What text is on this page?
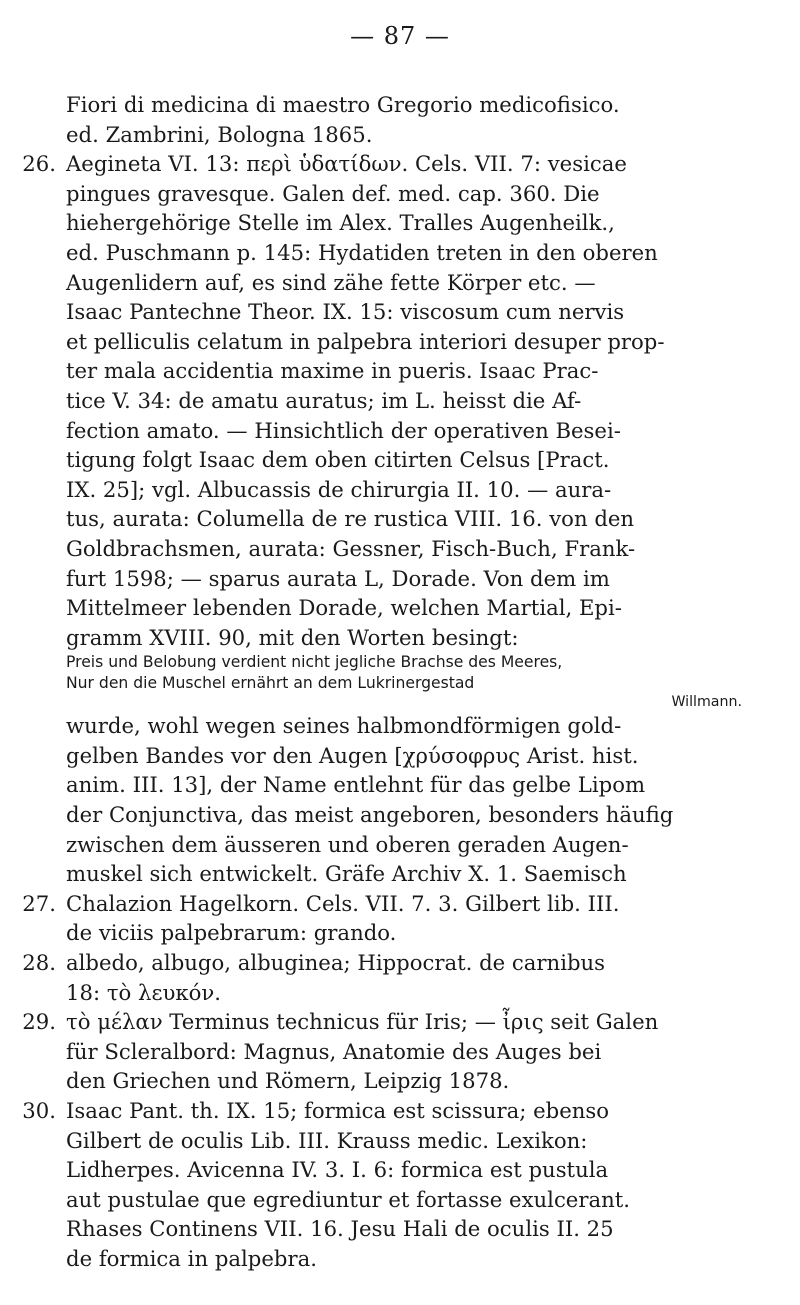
— 87 —
Fiori di medicina di maestro Gregorio medicofisico.
ed. Zambrini, Bologna 1865.
26. Aegineta VI. 13: περὶ ὑδατίδων. Cels. VII. 7: vesicae
pingues gravesque. Galen def. med. cap. 360. Die
hiehergehörige Stelle im Alex. Tralles Augenheilk.,
ed. Puschmann p. 145: Hydatiden treten in den oberen
Augenlidern auf, es sind zähe fette Körper etc. —
Isaac Pantechne Theor. IX. 15: viscosum cum nervis
et pelliculis celatum in palpebra interiori desuper prop-
ter mala accidentia maxime in pueris. Isaac Prac-
tice V. 34: de amatu auratus; im L. heisst die Af-
fection amato. — Hinsichtlich der operativen Besei-
tigung folgt Isaac dem oben citirten Celsus [Pract.
IX. 25]; vgl. Albucassis de chirurgia II. 10. — aura-
tus, aurata: Columella de re rustica VIII. 16. von den
Goldbrachsmen, aurata: Gessner, Fisch-Buch, Frank-
furt 1598; — sparus aurata L, Dorade. Von dem im
Mittelmeer lebenden Dorade, welchen Martial, Epi-
gramm XVIII. 90, mit den Worten besingt:
Preis und Belobung verdient nicht jegliche Brachse des Meeres,
Nur den die Muschel ernährt an dem Lukrinergestad
Willmann.
wurde, wohl wegen seines halbmondförmigen gold-
gelben Bandes vor den Augen [χρύσοφρυς Arist. hist.
anim. III. 13], der Name entlehnt für das gelbe Lipom
der Conjunctiva, das meist angeboren, besonders häufig
zwischen dem äusseren und oberen geraden Augen-
muskel sich entwickelt. Gräfe Archiv X. 1. Saemisch
27. Chalazion Hagelkorn. Cels. VII. 7. 3. Gilbert lib. III.
de viciis palpebrarum: grando.
28. albedo, albugo, albuginea; Hippocrat. de carnibus
18: τὸ λευκόν.
29. τὸ μέλαν Terminus technicus für Iris; — ἶρις seit Galen
für Scleralbord: Magnus, Anatomie des Auges bei
den Griechen und Römern, Leipzig 1878.
30. Isaac Pant. th. IX. 15; formica est scissura; ebenso
Gilbert de oculis Lib. III. Krauss medic. Lexikon:
Lidherpes. Avicenna IV. 3. I. 6: formica est pustula
aut pustulae que egrediuntur et fortasse exulcerant.
Rhases Continens VII. 16. Jesu Hali de oculis II. 25
de formica in palpebra.
